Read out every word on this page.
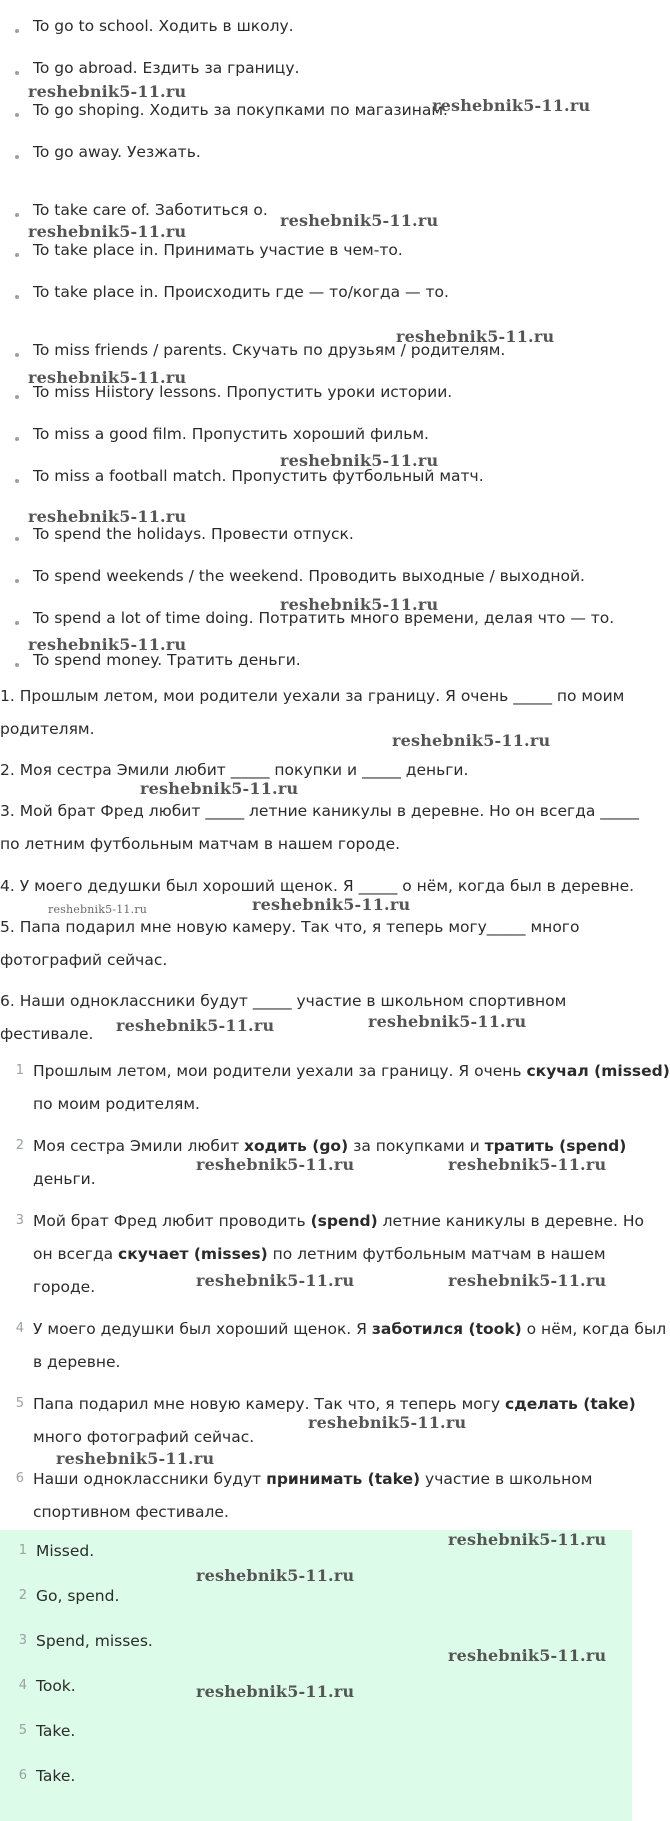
To go to school. Ходить в школу.
To go abroad. Ездить за границу.
To go shoping. Ходить за покупками по магазинам.
To go away. Уезжать.
To take care of. Заботиться о.
To take place in. Принимать участие в чем-то.
To take place in. Происходить где — то/когда — то.
To miss friends / parents. Скучать по друзьям / родителям.
To miss Hiistory lessons. Пропустить уроки истории.
To miss a good film. Пропустить хороший фильм.
To miss a football match. Пропустить футбольный матч.
To spend the holidays. Провести отпуск.
To spend weekends / the weekend. Проводить выходные / выходной.
To spend a lot of time doing. Потратить много времени, делая что — то.
To spend money. Тратить деньги.
1. Прошлым летом, мои родители уехали за границу. Я очень _____ по моим
родителям.
2. Моя сестра Эмили любит _____ покупки и _____ деньги.
3. Мой брат Фред любит _____ летние каникулы в деревне. Но он всегда _____
по летним футбольным матчам в нашем городе.
4. У моего дедушки был хороший щенок. Я _____ о нём, когда был в деревне.
5. Папа подарил мне новую камеру. Так что, я теперь могу_____ много
фотографий сейчас.
6. Наши одноклассники будут _____ участие в школьном спортивном
фестивале.
1 Прошлым летом, мои родители уехали за границу. Я очень скучал (missed)
по моим родителям.
2 Моя сестра Эмили любит ходить (go) за покупками и тратить (spend)
деньги.
3 Мой брат Фред любит проводить (spend) летние каникулы в деревне. Но
он всегда скучает (misses) по летним футбольным матчам в нашем
городе.
4 У моего дедушки был хороший щенок. Я заботился (took) о нём, когда был
в деревне.
5 Папа подарил мне новую камеру. Так что, я теперь могу сделать (take)
много фотографий сейчас.
6 Наши одноклассники будут принимать (take) участие в школьном
спортивном фестивале.
1 Missed.
2 Go, spend.
3 Spend, misses.
4 Took.
5 Take.
6 Take.
reshebnik5-11.ru
reshebnik5-11.ru
reshebnik5-11.ru
reshebnik5-11.ru
reshebnik5-11.ru
reshebnik5-11.ru
reshebnik5-11.ru
reshebnik5-11.ru
reshebnik5-11.ru
reshebnik5-11.ru
reshebnik5-11.ru
reshebnik5-11.ru
reshebnik5-11.ru	reshebnik5-11.ru
reshebnik5-11.ru	reshebnik5-11.ru
reshebnik5-11.ru	reshebnik5-11.ru
reshebnik5-11.ru	reshebnik5-11.ru
reshebnik5-11.ru
reshebnik5-11.ru
reshebnik5-11.ru
reshebnik5-11.ru
reshebnik5-11.ru
reshebnik5-11.ru
